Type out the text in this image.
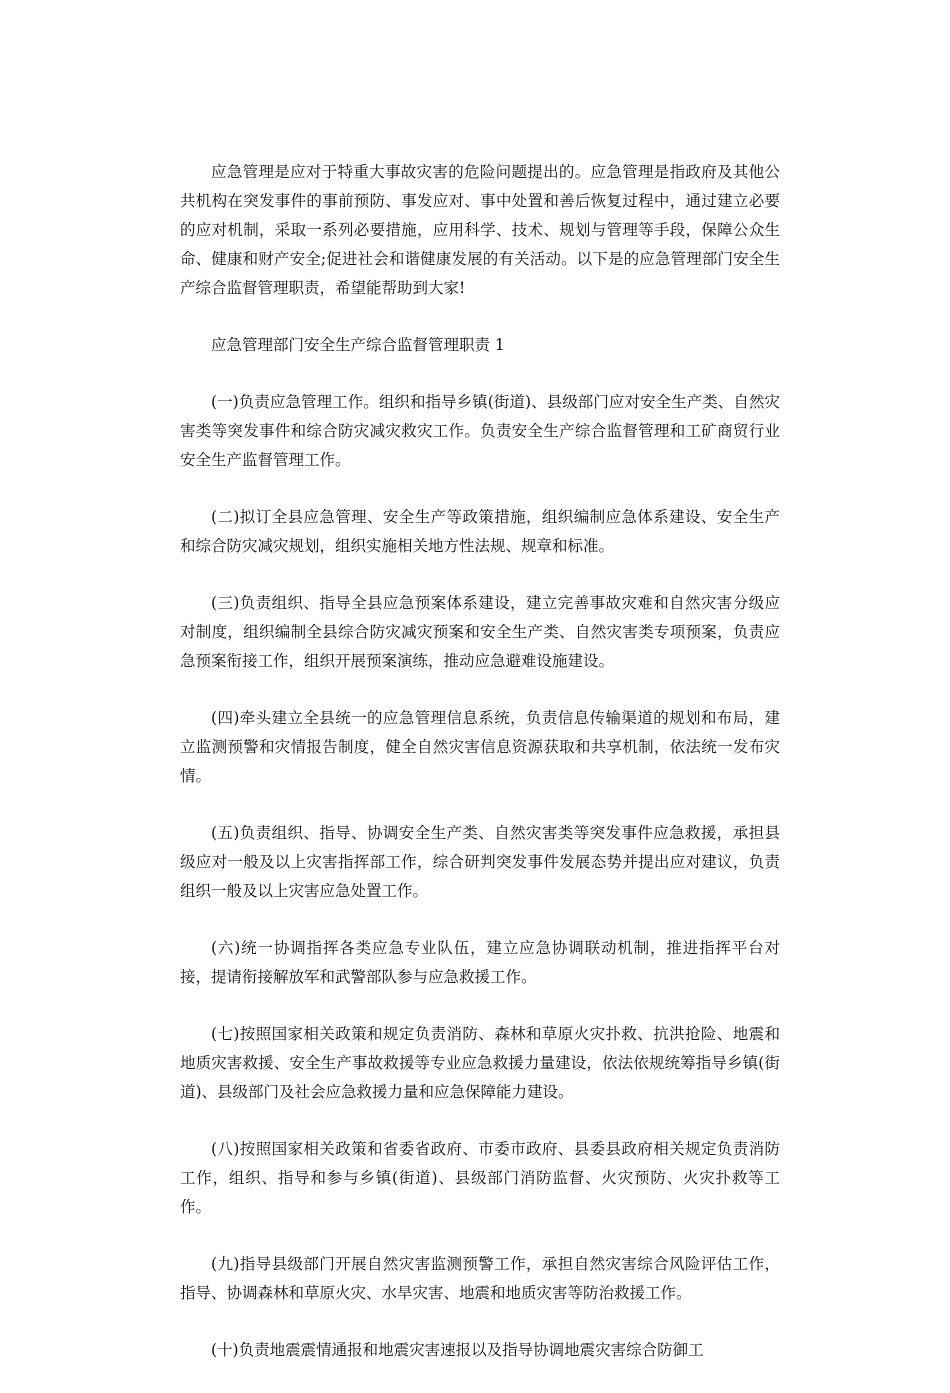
应急管理是应对于特重大事故灾害的危险问题提出的。应急管理是指政府及其他公共机构在突发事件的事前预防、事发应对、事中处置和善后恢复过程中，通过建立必要的应对机制，采取一系列必要措施，应用科学、技术、规划与管理等手段，保障公众生命、健康和财产安全;促进社会和谐健康发展的有关活动。以下是的应急管理部门安全生产综合监督管理职责，希望能帮助到大家!

应急管理部门安全生产综合监督管理职责 1

(一)负责应急管理工作。组织和指导乡镇(街道)、县级部门应对安全生产类、自然灾害类等突发事件和综合防灾减灾救灾工作。负责安全生产综合监督管理和工矿商贸行业安全生产监督管理工作。

(二)拟订全县应急管理、安全生产等政策措施，组织编制应急体系建设、安全生产和综合防灾减灾规划，组织实施相关地方性法规、规章和标准。

(三)负责组织、指导全县应急预案体系建设，建立完善事故灾难和自然灾害分级应对制度，组织编制全县综合防灾减灾预案和安全生产类、自然灾害类专项预案，负责应急预案衔接工作，组织开展预案演练，推动应急避难设施建设。

(四)牵头建立全县统一的应急管理信息系统，负责信息传输渠道的规划和布局，建立监测预警和灾情报告制度，健全自然灾害信息资源获取和共享机制，依法统一发布灾情。

(五)负责组织、指导、协调安全生产类、自然灾害类等突发事件应急救援，承担县级应对一般及以上灾害指挥部工作，综合研判突发事件发展态势并提出应对建议，负责组织一般及以上灾害应急处置工作。

(六)统一协调指挥各类应急专业队伍，建立应急协调联动机制，推进指挥平台对接，提请衔接解放军和武警部队参与应急救援工作。

(七)按照国家相关政策和规定负责消防、森林和草原火灾扑救、抗洪抢险、地震和地质灾害救援、安全生产事故救援等专业应急救援力量建设，依法依规统筹指导乡镇(街道)、县级部门及社会应急救援力量和应急保障能力建设。

(八)按照国家相关政策和省委省政府、市委市政府、县委县政府相关规定负责消防工作，组织、指导和参与乡镇(街道)、县级部门消防监督、火灾预防、火灾扑救等工作。

(九)指导县级部门开展自然灾害监测预警工作，承担自然灾害综合风险评估工作，指导、协调森林和草原火灾、水旱灾害、地震和地质灾害等防治救援工作。

(十)负责地震震情通报和地震灾害速报以及指导协调地震灾害综合防御工
